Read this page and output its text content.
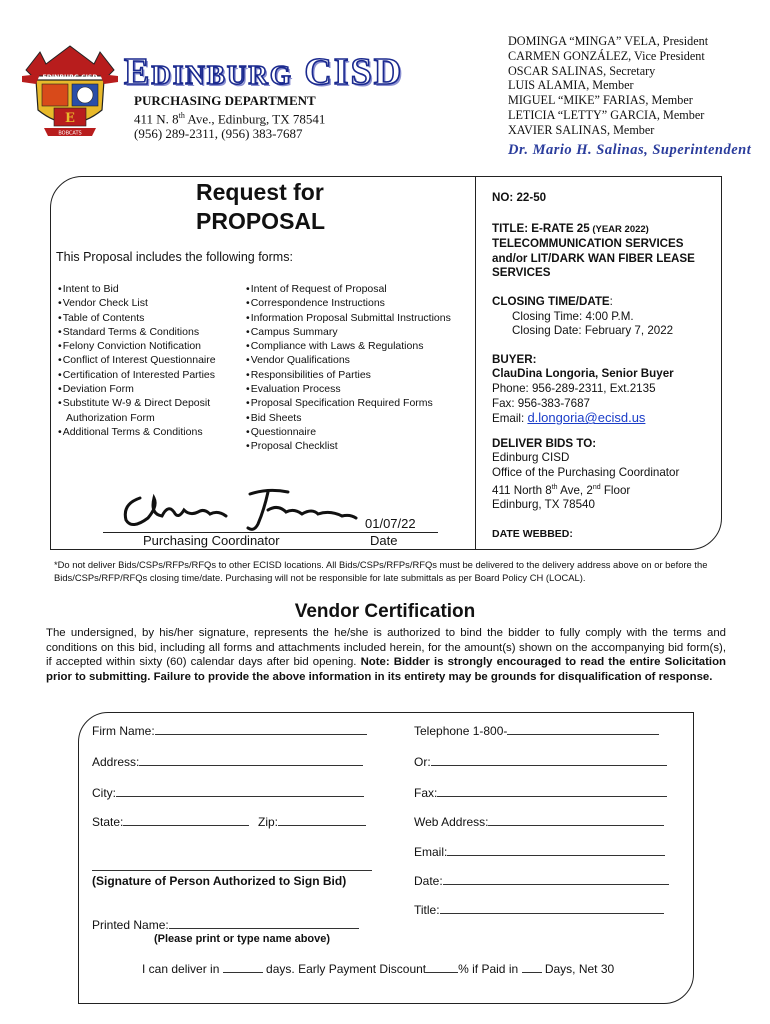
E
EDINBURG CISD
BOBCATS
Edinburg CISD
PURCHASING DEPARTMENT
411 N. 8th Ave., Edinburg, TX 78541
(956) 289-2311, (956) 383-7687
DOMINGA “MINGA” VELA, President
CARMEN GONZÁLEZ, Vice President
OSCAR SALINAS, Secretary
LUIS ALAMIA, Member
MIGUEL “MIKE” FARIAS, Member
LETICIA “LETTY” GARCIA, Member
XAVIER SALINAS, Member
Dr. Mario H. Salinas, Superintendent
Request for
PROPOSAL
This Proposal includes the following forms:
• Intent to Bid
• Vendor Check List
• Table of Contents
• Standard Terms & Conditions
• Felony Conviction Notification
• Conflict of Interest Questionnaire
• Certification of Interested Parties
• Deviation Form
• Substitute W-9 & Direct Deposit
Authorization Form
• Additional Terms & Conditions
• Intent of Request of Proposal
• Correspondence Instructions
• Information Proposal Submittal Instructions
• Campus Summary
• Compliance with Laws & Regulations
• Vendor Qualifications
• Responsibilities of Parties
• Evaluation Process
• Proposal Specification Required Forms
• Bid Sheets
• Questionnaire
• Proposal Checklist
01/07/22
Purchasing Coordinator	Date
NO: 22-50
TITLE: E-RATE 25 (YEAR 2022)
TELECOMMUNICATION SERVICES and/or LIT/DARK WAN FIBER LEASE SERVICES
CLOSING TIME/DATE:
Closing Time: 4:00 P.M.
Closing Date: February 7, 2022
BUYER:
ClauDina Longoria, Senior Buyer
Phone: 956-289-2311, Ext.2135
Fax: 956-383-7687
Email: d.longoria@ecisd.us
DELIVER BIDS TO:
Edinburg CISD
Office of the Purchasing Coordinator
411 North 8th Ave, 2nd Floor
Edinburg, TX 78540
DATE WEBBED:
*Do not deliver Bids/CSPs/RFPs/RFQs to other ECISD locations. All Bids/CSPs/RFPs/RFQs must be delivered to the delivery address above on or before the Bids/CSPs/RFP/RFQs closing time/date. Purchasing will not be responsible for late submittals as per Board Policy CH (LOCAL).
Vendor Certification
The undersigned, by his/her signature, represents the he/she is authorized to bind the bidder to fully comply with the terms and conditions on this bid, including all forms and attachments included herein, for the amount(s) shown on the accompanying bid form(s), if accepted within sixty (60) calendar days after bid opening. Note: Bidder is strongly encouraged to read the entire Solicitation prior to submitting. Failure to provide the above information in its entirety may be grounds for disqualification of response.
Firm Name:	Telephone 1-800-
Address:	Or:
City:	Fax:
State:	Zip:	Web Address:
Email:
(Signature of Person Authorized to Sign Bid)	Date:
Title:
Printed Name:
(Please print or type name above)
I can deliver in	days. Early Payment Discount	% if Paid in  Days, Net 30
